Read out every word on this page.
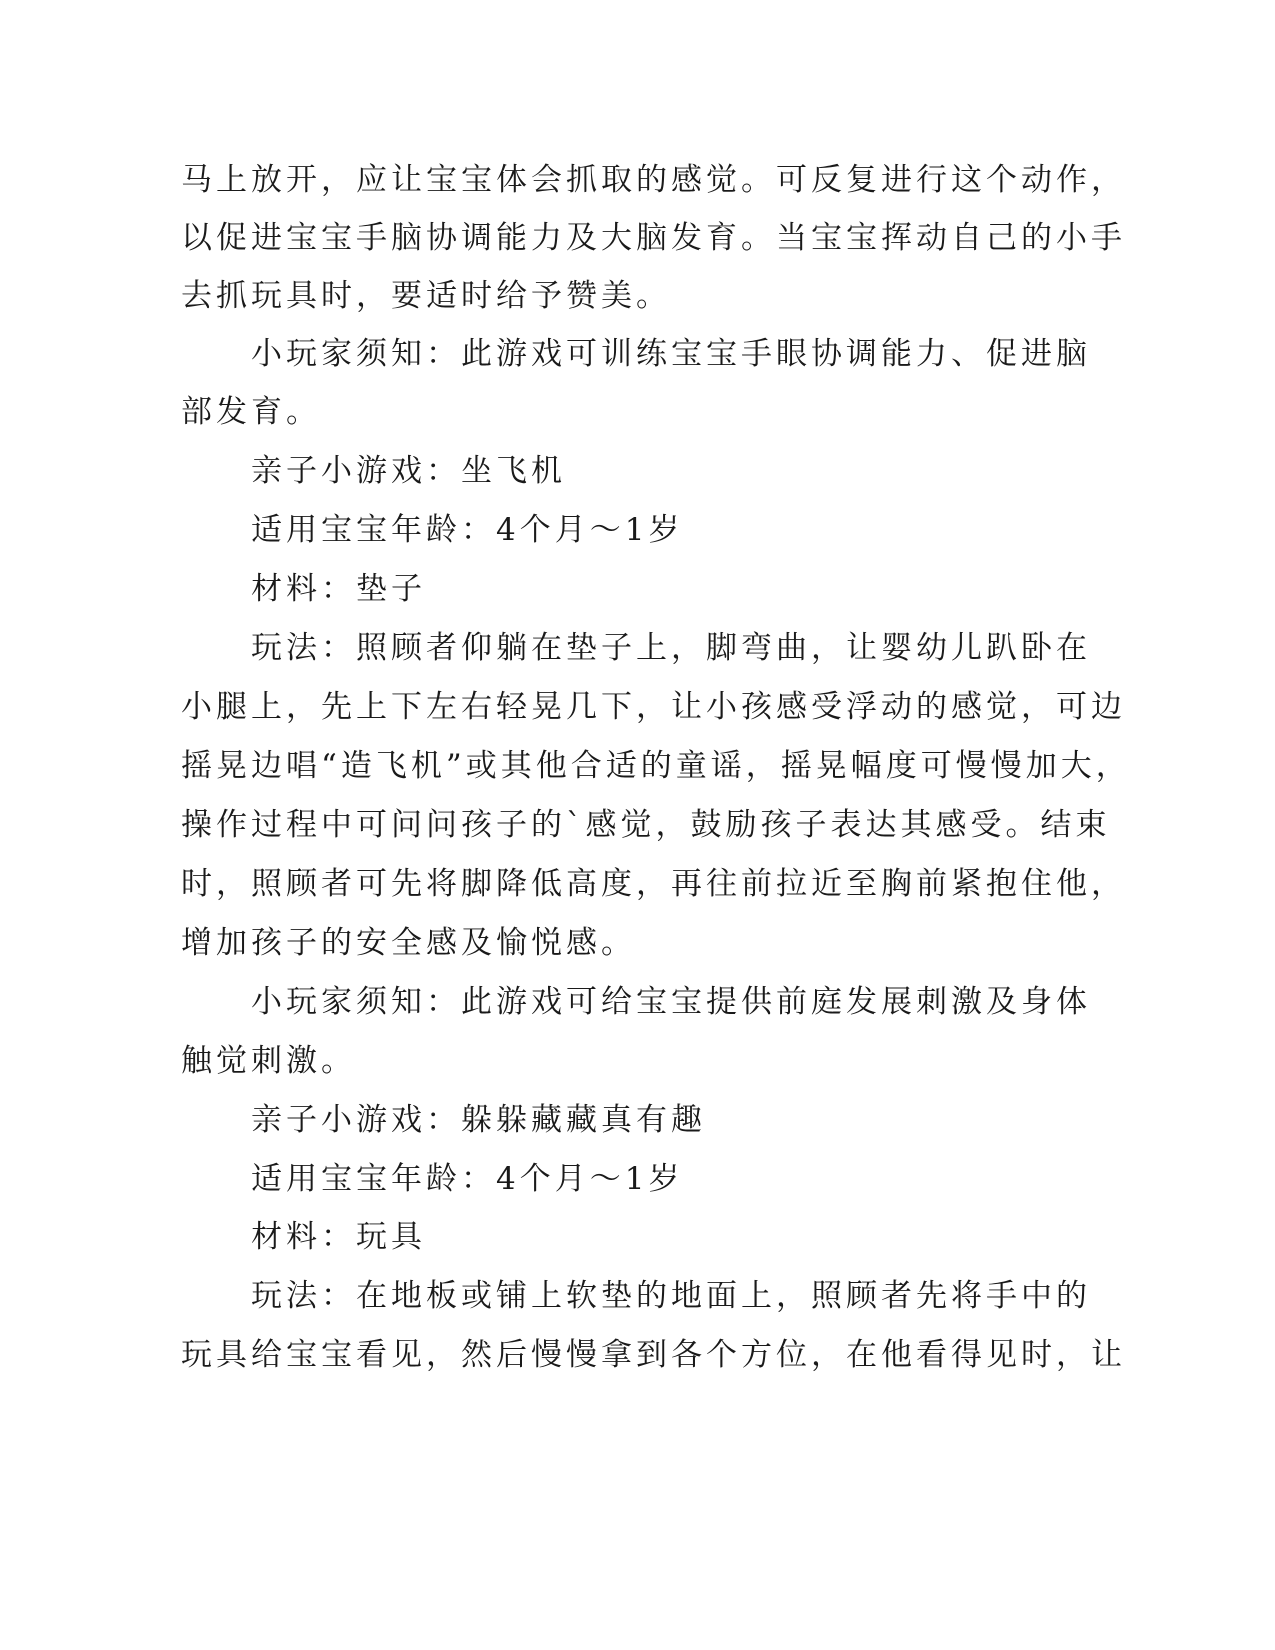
马上放开，应让宝宝体会抓取的感觉。可反复进行这个动作，
以促进宝宝手脑协调能力及大脑发育。当宝宝挥动自己的小手
去抓玩具时，要适时给予赞美。
小玩家须知：此游戏可训练宝宝手眼协调能力、促进脑
部发育。
亲子小游戏：坐飞机
适用宝宝年龄：4个月～1岁
材料：垫子
玩法：照顾者仰躺在垫子上，脚弯曲，让婴幼儿趴卧在
小腿上，先上下左右轻晃几下，让小孩感受浮动的感觉，可边
摇晃边唱“造飞机”或其他合适的童谣，摇晃幅度可慢慢加大，
操作过程中可问问孩子的`感觉，鼓励孩子表达其感受。结束
时，照顾者可先将脚降低高度，再往前拉近至胸前紧抱住他，
增加孩子的安全感及愉悦感。
小玩家须知：此游戏可给宝宝提供前庭发展刺激及身体
触觉刺激。
亲子小游戏：躲躲藏藏真有趣
适用宝宝年龄：4个月～1岁
材料：玩具
玩法：在地板或铺上软垫的地面上，照顾者先将手中的
玩具给宝宝看见，然后慢慢拿到各个方位，在他看得见时，让
